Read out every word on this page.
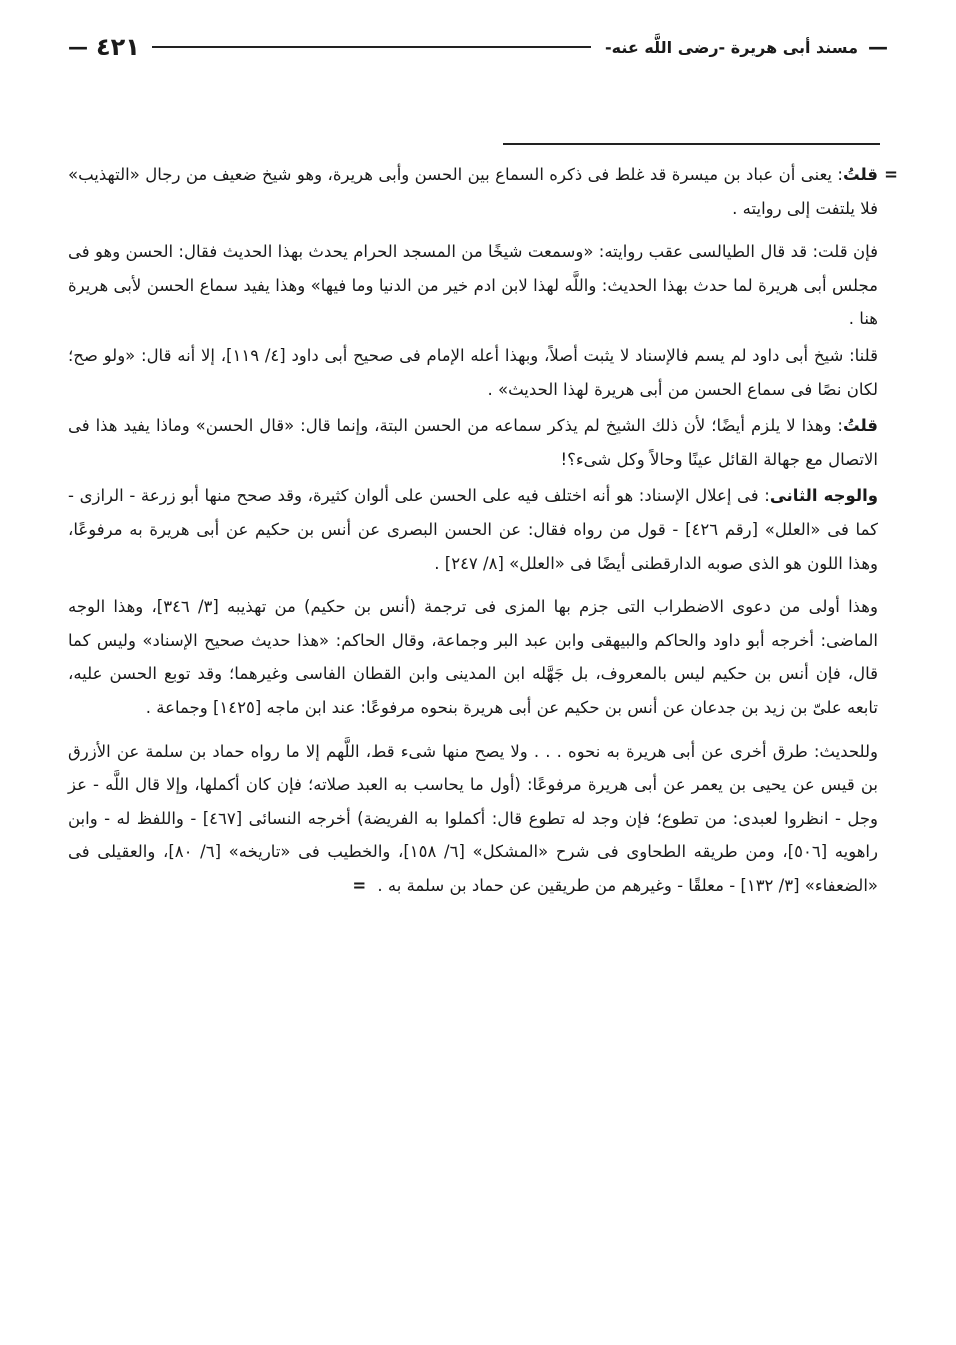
—
مسند أبى هريرة -رضى اللَّه عنه-
٤٢١
—

=
قلتُ: يعنى أن عباد بن ميسرة قد غلط فى ذكره السماع بين الحسن وأبى هريرة، وهو شيخ ضعيف من رجال «التهذيب» فلا يلتفت إلى روايته .

فإن قلت: قد قال الطيالسى عقب روايته: «وسمعت شيخًا من المسجد الحرام يحدث بهذا الحديث فقال: الحسن وهو فى مجلس أبى هريرة لما حدث بهذا الحديث: واللَّه لهذا لابن ادم خير من الدنيا وما فيها» وهذا يفيد سماع الحسن لأبى هريرة هنا .

قلنا: شيخ أبى داود لم يسم فالإسناد لا يثبت أصلاً، وبهذا أعله الإمام فى صحيح أبى داود [٤/ ١١٩]، إلا أنه قال: «ولو صح؛ لكان نصًا فى سماع الحسن من أبى هريرة لهذا الحديث» .

قلتُ: وهذا لا يلزم أيضًا؛ لأن ذلك الشيخ لم يذكر سماعه من الحسن البتة، وإنما قال: «قال الحسن» وماذا يفيد هذا فى الاتصال مع جهالة القائل عينًا وحالاً وكل شىء؟!

والوجه الثانى: فى إعلال الإسناد: هو أنه اختلف فيه على الحسن على ألوان كثيرة، وقد صحح منها أبو زرعة - الرازى - كما فى «العلل» [رقم ٤٢٦] - قول من رواه فقال: عن الحسن البصرى عن أنس بن حكيم عن أبى هريرة به مرفوعًا، وهذا اللون هو الذى صوبه الدارقطنى أيضًا فى «العلل» [٨/ ٢٤٧] .

وهذا أولى من دعوى الاضطراب التى جزم بها المزى فى ترجمة (أنس بن حكيم) من تهذيبه [٣/ ٣٤٦]، وهذا الوجه الماضى: أخرجه أبو داود والحاكم والبيهقى وابن عبد البر وجماعة، وقال الحاكم: «هذا حديث صحيح الإسناد» وليس كما قال، فإن أنس بن حكيم ليس بالمعروف، بل جَهَّله ابن المدينى وابن القطان الفاسى وغيرهما؛ وقد توبع الحسن عليه، تابعه علىّ بن زيد بن جدعان عن أنس بن حكيم عن أبى هريرة بنحوه مرفوعًا: عند ابن ماجه [١٤٢٥] وجماعة .

وللحديث: طرق أخرى عن أبى هريرة به نحوه . . . ولا يصح منها شىء قط، اللَّهم إلا ما رواه حماد بن سلمة عن الأزرق بن قيس عن يحيى بن يعمر عن أبى هريرة مرفوعًا: (أول ما يحاسب به العبد صلاته؛ فإن كان أكملها، وإلا قال اللَّه - عز وجل - انظروا لعبدى: من تطوع؛ فإن وجد له تطوع قال: أكملوا به الفريضة) أخرجه النسائى [٤٦٧] - واللفظ له - وابن راهويه [٥٠٦]، ومن طريقه الطحاوى فى شرح «المشكل» [٦/ ١٥٨]، والخطيب فى «تاريخه» [٦/ ٨٠]، والعقيلى فى «الضعفاء» [٣/ ١٣٢] - معلقًا - وغيرهم من طريقين عن حماد بن سلمة به . =
